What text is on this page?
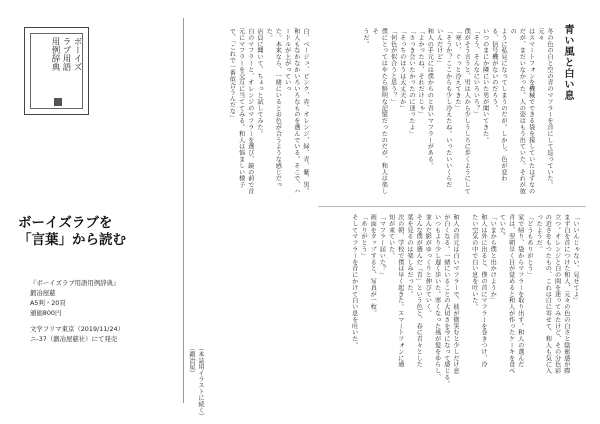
ボーイズ
ラブ用語
用例辞典
ボーイズラブを
「言葉」から読む
『ボーイズラブ用語用例辞典』
鍛冶屋慈
A5判・20頁
頒価800円
文学フリマ東京（2019/11/24）
ニ-37（鍛冶屋慈社）にて発売
青い風と白い息
冬の色の白と空の青のマフラーを首にして巡っていた。元々
はスマートフォンを機械でできる袋を探していたはずなの
だが、まだいなかった。人の姿はもう出ていた。それが彼の
ように私見になってしまうのだが。しかし、色が変わ
る、信号機がないのだろう。
いつのまにか隣にいた男が聞いてきた。
「そう、そんなにいろいろ？」
僕がそう言うと、男は人から少しうしろに歩くようにして
「寒い、ぐっと冷えてきた」
「そうか？ここからも少し冷えたね。いったいいくらだ
いんだけど」
和人の手元には僕からのと青いマフラーがある。
「よかったね、それだけじゃ」
「さっき会いたかったのに迷ったよ」
「そっちのほうは大丈夫か」
「何色が似合うと思う？」
僕にとってはやたら鮮明な記憶だったのだが、和人は楽しそ
うだ。
白、ベージュ、ピンク、赤、オレンジ、緑、青、紫、黒。
和人もなかなかいろいろなものを選んでいる。そこで、ハードルが上がっていっ
た。本来なら、一緒にいるとお色が合うような感じだった。
店員に聞いて、ちょっと試してみた。
白のマフラーと、オレンジのマフラーを選び、鏡の前で首
元にマフラーを交互に当ててみる。和人は悩ましい様子
で、「これで一番似合うんだな」
「いいんじゃない、見せてよ」
まず白を首につけた和人、元々の色の白さと陰影感が際
立つ。オレンジと白の間を迷ってみたけど、その分色彩
の近さをもつたもの、これは白に寄せて、和人も気に入
ったようだ。
「どうもありがとう」
家で帰り、袋からマフラーを取り出す。和人の選んだ
青は、翌朝早く目が覚めると和人が作ったケーキを食べ
ていた。
「いまから僕と出かけようか」
和人は外に出ると、僕の首にマフラーを巻きつけ、冷
たい空気の中で白い息を吐いた。
和人の首元は白いマフラーで、彼が微笑むと少しだけ息
が白くなる。一緒にいることの大切さを今になって感じる。
いつもより少し遅く歩いた。寒くなった風が髪をゆらし、
並んだ影がゆっくりと伸びていく。
そんな僕が選んだ「青」という色と、春に青々とした
葉を見るのは楽しみだった。
次の朝、学校で僕は早く起きた。スマートフォンに通
知が来ていた。
「マフラー届いた？」
画面をタップすると、写真が一枚。
「ありがとう」
そしてマフラーを首にかけて白い息を吐いた。
（本誌用イラストに続く）（鍛冶屋）
